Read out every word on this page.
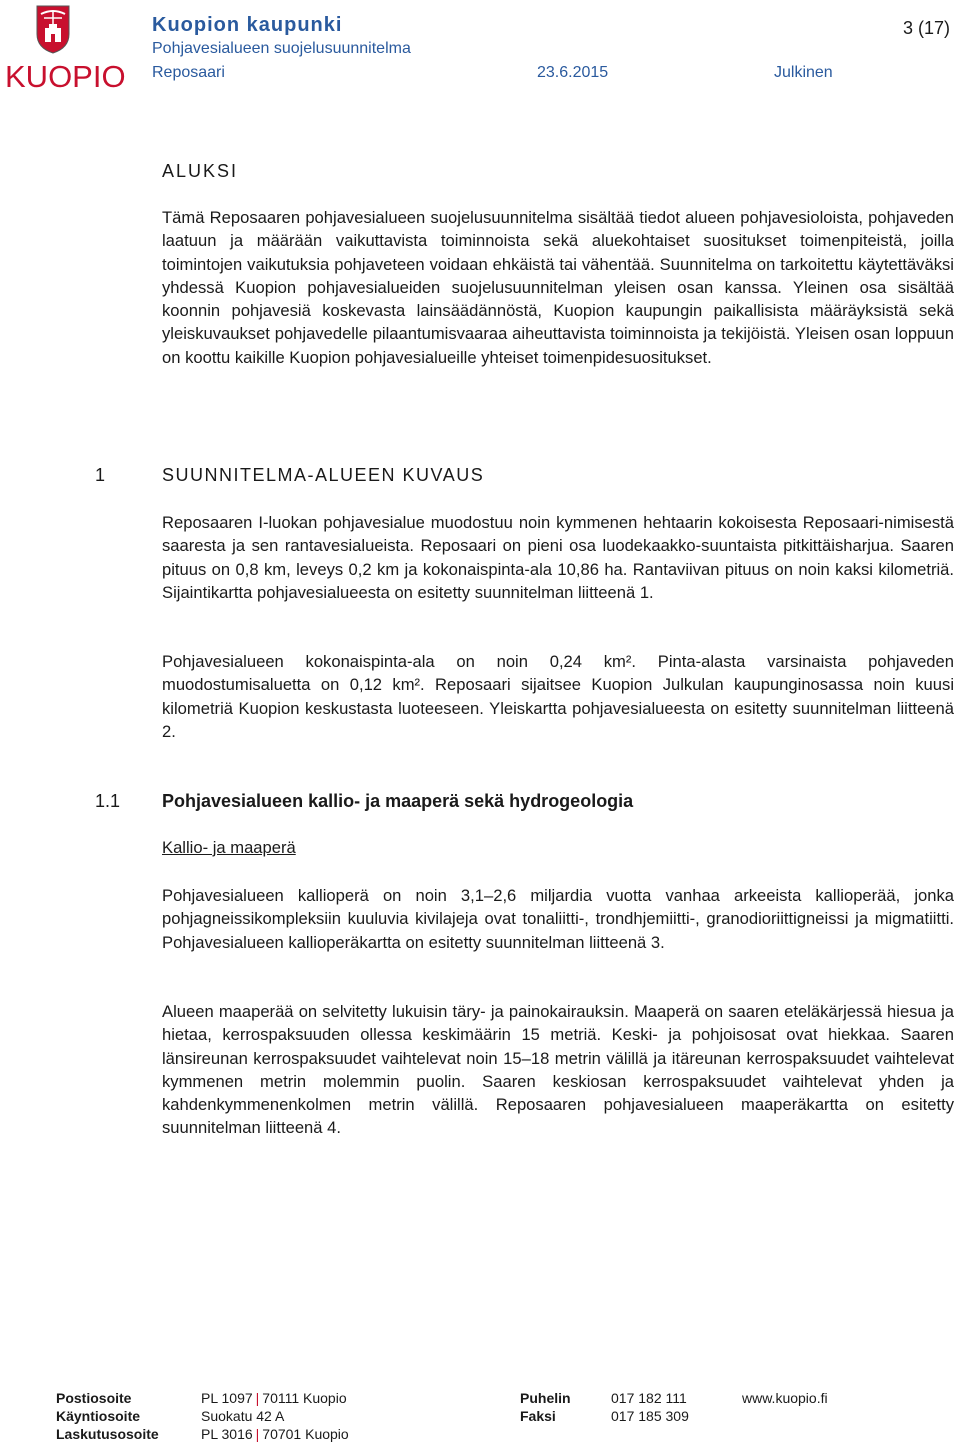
KUOPIO
Kuopion kaupunki
Pohjavesialueen suojelusuunnitelma
Reposaari	23.6.2015	Julkinen
3 (17)
ALUKSI
Tämä Reposaaren pohjavesialueen suojelusuunnitelma sisältää tiedot alueen pohjavesioloista, pohjaveden laatuun ja määrään vaikuttavista toiminnoista sekä aluekohtaiset suositukset toimenpiteistä, joilla toimintojen vaikutuksia pohjaveteen voidaan ehkäistä tai vähentää. Suunnitelma on tarkoitettu käytettäväksi yhdessä Kuopion pohjavesialueiden suojelusuunnitelman yleisen osan kanssa. Yleinen osa sisältää koonnin pohjavesiä koskevasta lainsäädännöstä, Kuopion kaupungin paikallisista määräyksistä sekä yleiskuvaukset pohjavedelle pilaantumisvaaraa aiheuttavista toiminnoista ja tekijöistä. Yleisen osan loppuun on koottu kaikille Kuopion pohjavesialueille yhteiset toimenpidesuositukset.
1	SUUNNITELMA-ALUEEN KUVAUS
Reposaaren I-luokan pohjavesialue muodostuu noin kymmenen hehtaarin kokoisesta Reposaari-nimisestä saaresta ja sen rantavesialueista. Reposaari on pieni osa luodekaakko-suuntaista pitkittäisharjua. Saaren pituus on 0,8 km, leveys 0,2 km ja kokonaispinta-ala 10,86 ha. Rantaviivan pituus on noin kaksi kilometriä. Sijaintikartta pohjavesialueesta on esitetty suunnitelman liitteenä 1.
Pohjavesialueen kokonaispinta-ala on noin 0,24 km². Pinta-alasta varsinaista pohjaveden muodostumisaluetta on 0,12 km². Reposaari sijaitsee Kuopion Julkulan kaupunginosassa noin kuusi kilometriä Kuopion keskustasta luoteeseen. Yleiskartta pohjavesialueesta on esitetty suunnitelman liitteenä 2.
1.1 Pohjavesialueen kallio- ja maaperä sekä hydrogeologia
Kallio- ja maaperä
Pohjavesialueen kallioperä on noin 3,1–2,6 miljardia vuotta vanhaa arkeeista kallioperää, jonka pohjagneissikompleksiin kuuluvia kivilajeja ovat tonaliitti-, trondhjemiitti-, granodioriittigneissi ja migmatiitti. Pohjavesialueen kallioperäkartta on esitetty suunnitelman liitteenä 3.
Alueen maaperää on selvitetty lukuisin täry- ja painokairauksin. Maaperä on saaren eteläkärjessä hiesua ja hietaa, kerrospaksuuden ollessa keskimäärin 15 metriä. Keski- ja pohjoisosat ovat hiekkaa. Saaren länsireunan kerrospaksuudet vaihtelevat noin 15–18 metrin välillä ja itäreunan kerrospaksuudet vaihtelevat kymmenen metrin molemmin puolin. Saaren keskiosan kerrospaksuudet vaihtelevat yhden ja kahdenkymmenenkolmen metrin välillä. Reposaaren pohjavesialueen maaperäkartta on esitetty suunnitelman liitteenä 4.
Postiosoite	PL 1097 | 70111 Kuopio
Käyntiosoite	Suokatu 42 A
Laskutusosoite	PL 3016 | 70701 Kuopio
Puhelin	017 182 111
Faksi	017 185 309
www.kuopio.fi
